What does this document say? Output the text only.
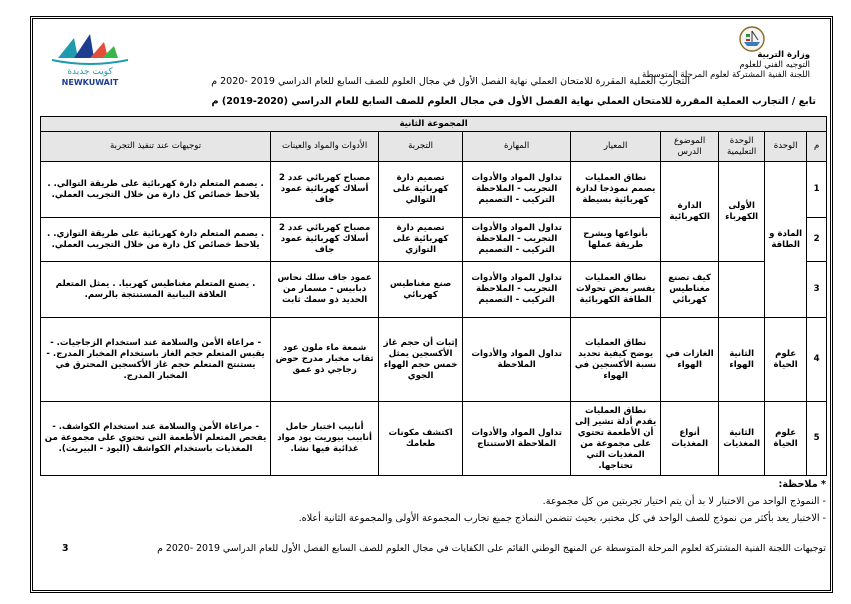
كويت جديدة
NEWKUWAIT
وزارة التربية
التوجيه الفني للعلوم
اللجنة الفنية المشتركة لعلوم المرحلة المتوسطة
التجارب العملية المقررة للامتحان العملي نهاية الفصل الأول في مجال العلوم للصف السابع للعام الدراسي 2019 -2020 م
تابع / التجارب العملية المقررة للامتحان العملي نهاية الفصل الأول في مجال العلوم للصف السابع للعام الدراسي (2020-2019) م
المجموعة الثانية								
م	الوحدة	الوحدة التعليمية	الموضوع الدرس	المعيار	المهارة	التجربة	الأدوات والمواد والعينات	توجيهات عند تنفيذ التجربة
1	المادة و الطاقة	الأولى الكهرباء	الدارة الكهربائية	نطاق العمليات يصمم نموذجا لدارة كهربائية بسيطة	تداول المواد والأدوات التجريب - الملاحظة التركيب - التصميم	تصميم دارة كهربائية على التوالي	مصباح كهربائي عدد 2 أسلاك كهربائية عمود جاف	. يصمم المتعلم دارة كهربائية على طريقة التوالي. . يلاحظ خصائص كل دارة من خلال التجريب العملي.
2				بأنواعها ويشرح طريقة عملها	تداول المواد والأدوات التجريب - الملاحظة التركيب - التصميم	تصميم دارة كهربائية على التوازي	مصباح كهربائي عدد 2 أسلاك كهربائية عمود جاف	. يصمم المتعلم دارة كهربائية على طريقة التوازي. . يلاحظ خصائص كل دارة من خلال التجريب العملي.
3			كيف تصنع مغناطيس كهربائي	نطاق العمليات يفسر بعض تحولات الطاقة الكهربائية	تداول المواد والأدوات التجريب - الملاحظة التركيب - التصميم	صنع مغناطيس كهربائي	عمود جاف سلك نحاس دبابيس - مسمار من الحديد ذو سمك ثابت	. يصنع المتعلم مغناطيس كهربيا. . يمثل المتعلم العلاقة البيانية المستنتجة بالرسم.
4	علوم الحياة	الثانية الهواء	الغازات في الهواء	نطاق العمليات يوضح كيفية تحديد نسبة الأكسجين في الهواء	تداول المواد والأدوات الملاحظة	إثبات أن حجم غاز الأكسجين يمثل خمس حجم الهواء الجوي	شمعة ماء ملون عود ثقاب مخبار مدرج حوض زجاجي ذو عمق	- مراعاة الأمن والسلامة عند استخدام الزجاجيات. - يقيس المتعلم حجم الغاز باستخدام المخبار المدرج. - يستنتج المتعلم حجم غاز الأكسجين المحترق في المخبار المدرج.
5	علوم الحياة	الثانية المغذيات	أنواع المغذيات	نطاق العمليات يقدم أدلة تشير إلى أن الأطعمة تحتوي على مجموعة من المغذيات التي تحتاجها.	تداول المواد والأدوات الملاحظة الاستنتاج	اكتشف مكونات طعامك	أنابيب اختبار حامل أنابيب بيوريت يود مواد غذائية فيها نشا.	- مراعاة الأمن والسلامة عند استخدام الكواشف. - يفحص المتعلم الأطعمة التي تحتوي على مجموعة من المغذيات باستخدام الكواشف (اليود - البيريت).
* ملاحظة:
- النموذج الواحد من الاختبار لا بد أن يتم اختيار تجربتين من كل مجموعة.
- الاختبار يعد بأكثر من نموذج للصف الواحد في كل مختبر، بحيث تتضمن النماذج جميع تجارب المجموعة الأولى والمجموعة الثانية أعلاه.
توجيهات اللجنة الفنية المشتركة لعلوم المرحلة المتوسطة عن المنهج الوطني القائم على الكفايات في مجال العلوم للصف السابع الفصل الأول للعام الدراسي 2019 -2020 م
3
